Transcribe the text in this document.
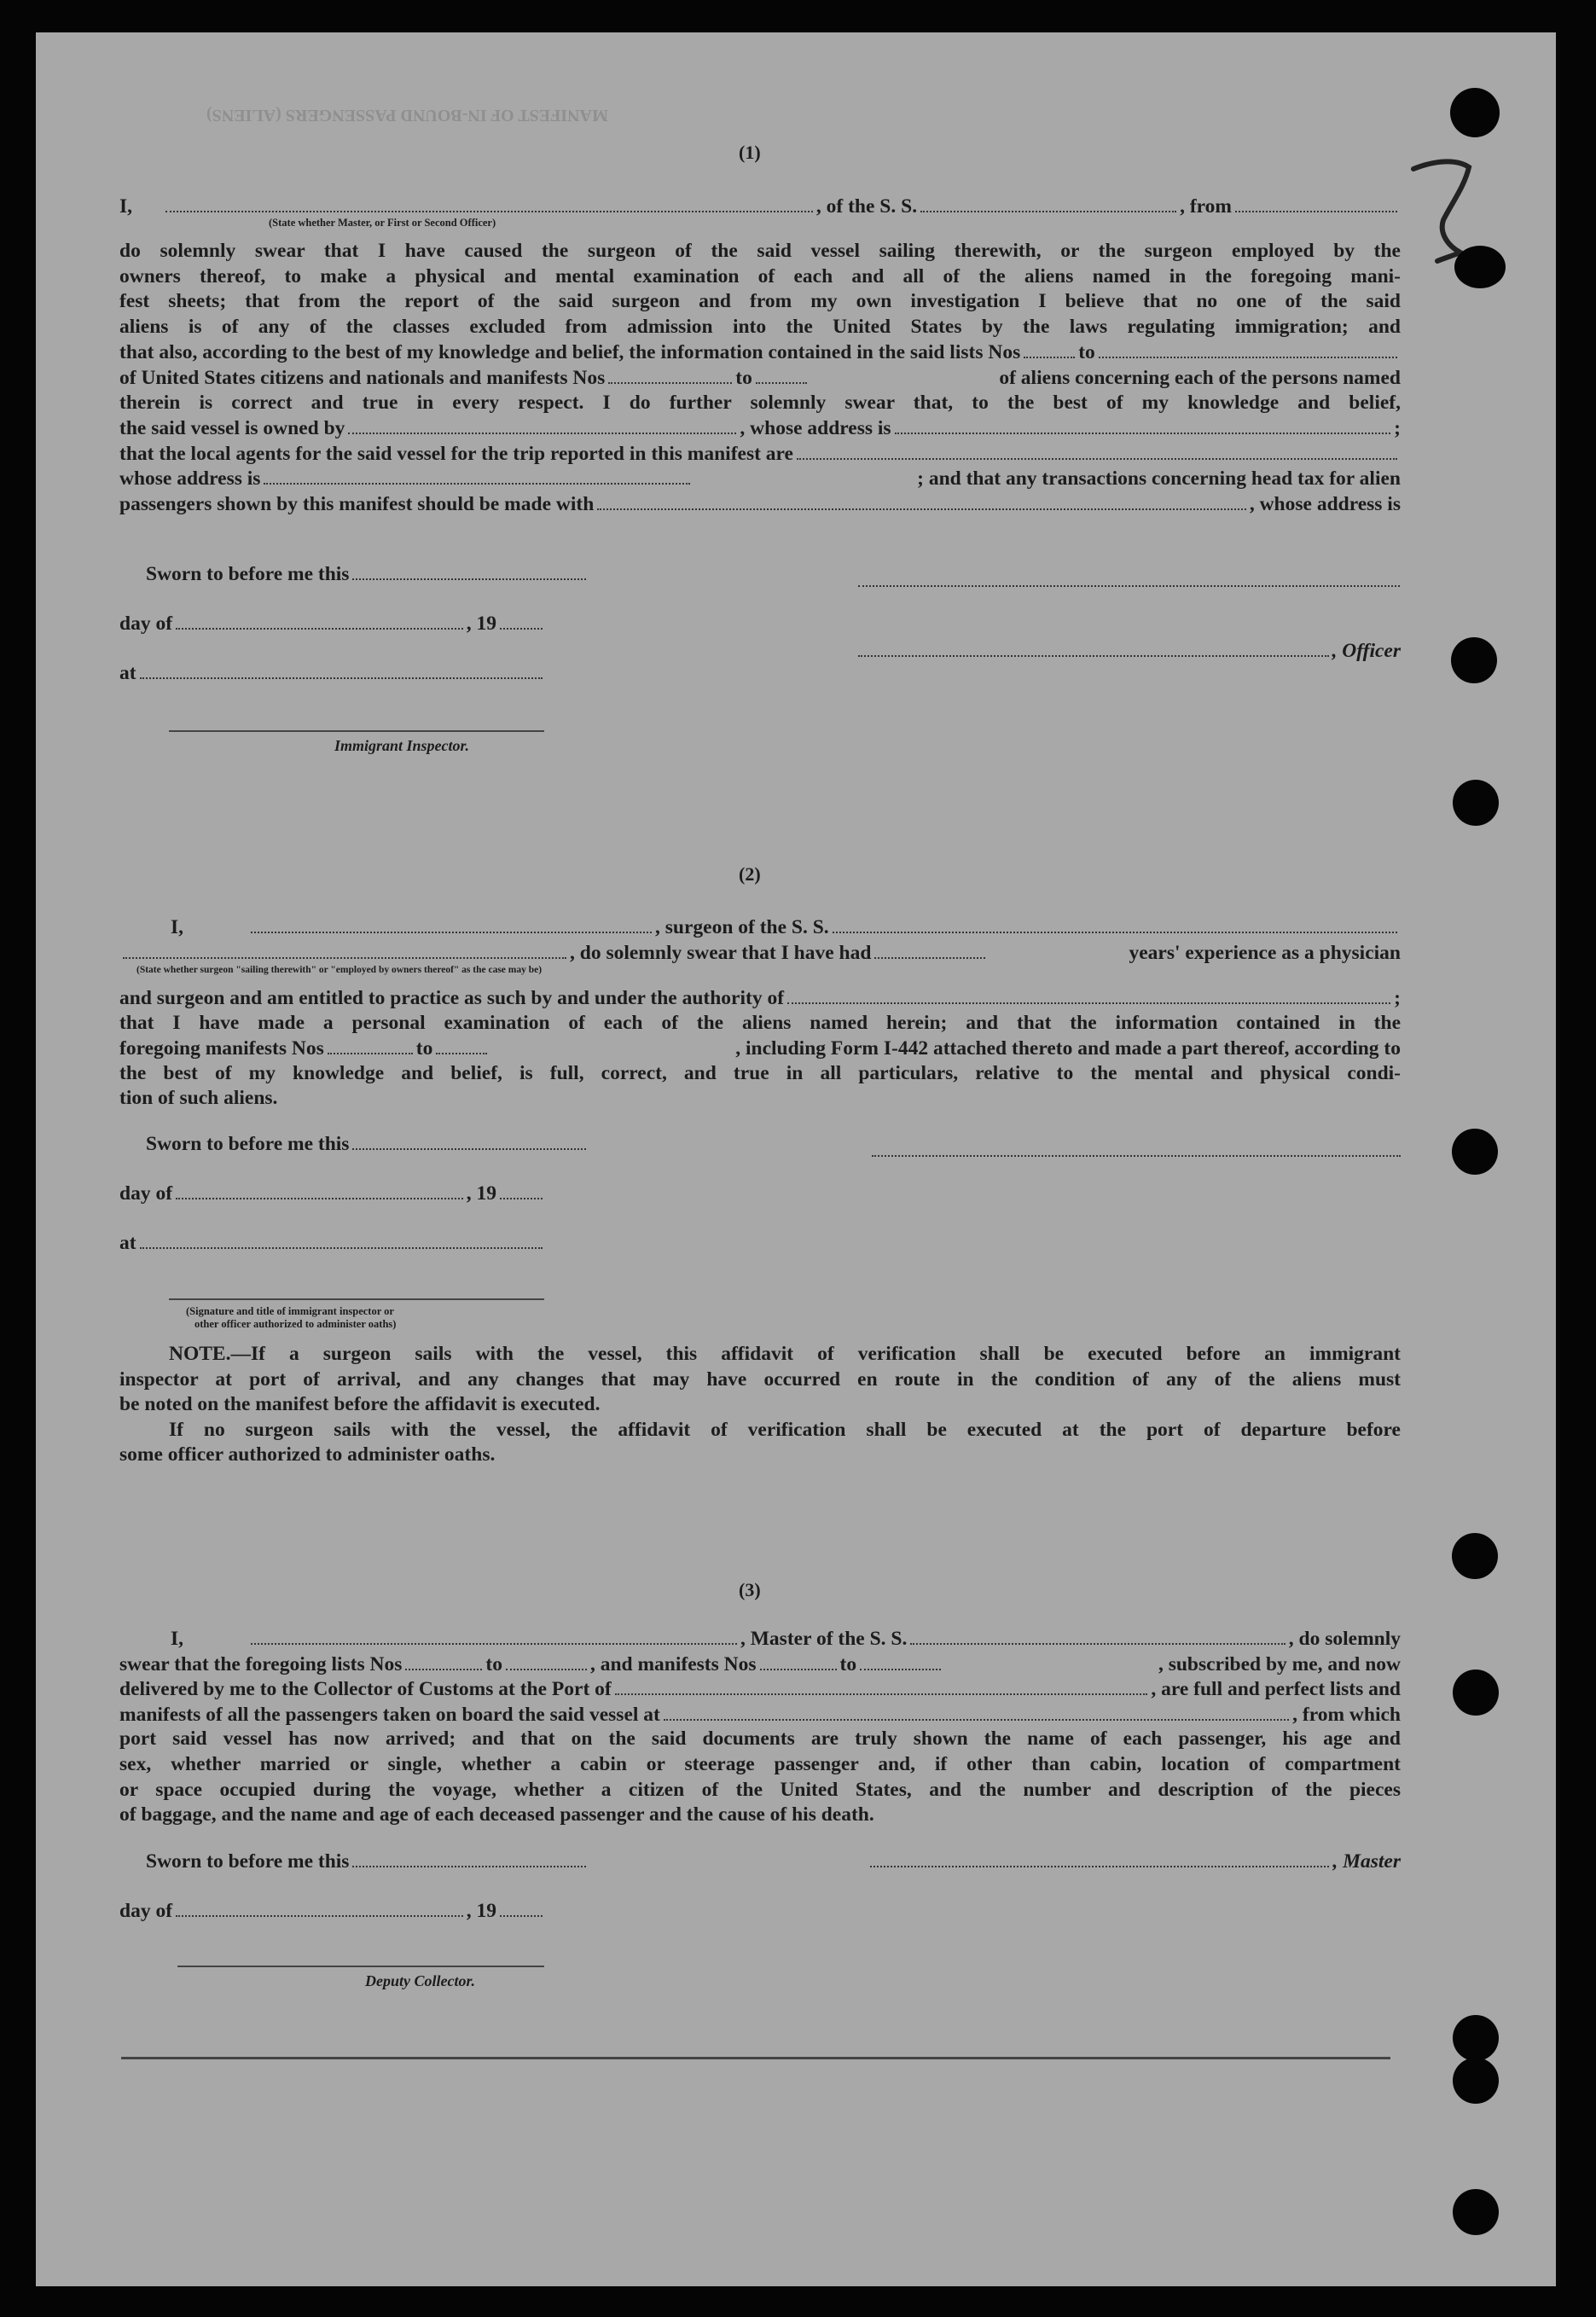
MANIFEST OF IN-BOUND PASSENGERS (ALIENS)
7
(1)
I,	, of the S. S.	, from
(State whether Master, or First or Second Officer)
do solemnly swear that I have caused the surgeon of the said vessel sailing therewith, or the surgeon employed by the
owners thereof, to make a physical and mental examination of each and all of the aliens named in the foregoing mani-
fest sheets; that from the report of the said surgeon and from my own investigation I believe that no one of the said
aliens is of any of the classes excluded from admission into the United States by the laws regulating immigration; and
that also, according to the best of my knowledge and belief, the information contained in the said lists Nos	to
of United States citizens and nationals and manifests Nos	to	of aliens concerning each of the persons named
therein is correct and true in every respect. I do further solemnly swear that, to the best of my knowledge and belief,
the said vessel is owned by	, whose address is	;
that the local agents for the said vessel for the trip reported in this manifest are
whose address is	; and that any transactions concerning head tax for alien
passengers shown by this manifest should be made with	, whose address is
Sworn to before me this
day of	, 19
at
Immigrant Inspector.
, Officer
(2)
I,	, surgeon of the S. S.
, do solemnly swear that I have had	years' experience as a physician
(State whether surgeon "sailing therewith" or "employed by owners thereof" as the case may be)
and surgeon and am entitled to practice as such by and under the authority of	;
that I have made a personal examination of each of the aliens named herein; and that the information contained in the
foregoing manifests Nos	to	, including Form I-442 attached thereto and made a part thereof, according to
the best of my knowledge and belief, is full, correct, and true in all particulars, relative to the mental and physical condi-
tion of such aliens.
Sworn to before me this
day of	, 19
at
(Signature and title of immigrant inspector or
other officer authorized to administer oaths)
NOTE.—If a surgeon sails with the vessel, this affidavit of verification shall be executed before an immigrant
inspector at port of arrival, and any changes that may have occurred en route in the condition of any of the aliens must
be noted on the manifest before the affidavit is executed.
If no surgeon sails with the vessel, the affidavit of verification shall be executed at the port of departure before
some officer authorized to administer oaths.
(3)
I,	, Master of the S. S.	, do solemnly
swear that the foregoing lists Nos	to	, and manifests Nos	to	, subscribed by me, and now
delivered by me to the Collector of Customs at the Port of	, are full and perfect lists and
manifests of all the passengers taken on board the said vessel at	, from which
port said vessel has now arrived; and that on the said documents are truly shown the name of each passenger, his age and
sex, whether married or single, whether a cabin or steerage passenger and, if other than cabin, location of compartment
or space occupied during the voyage, whether a citizen of the United States, and the number and description of the pieces
of baggage, and the name and age of each deceased passenger and the cause of his death.
Sworn to before me this	, Master
day of	, 19
Deputy Collector.
